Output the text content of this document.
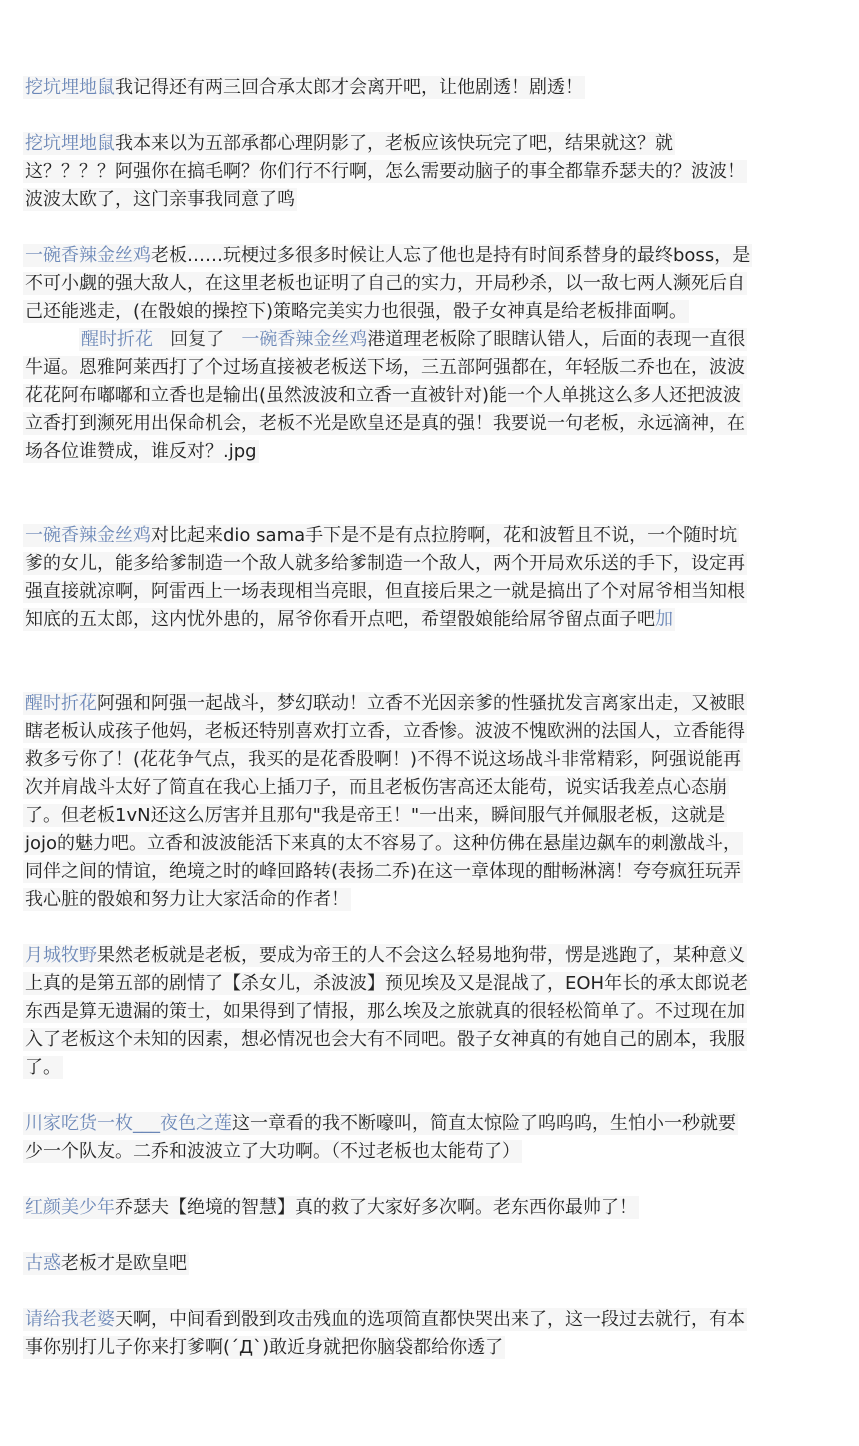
挖坑埋地鼠我记得还有两三回合承太郎才会离开吧，让他剧透！剧透！

挖坑埋地鼠我本来以为五部承都心理阴影了，老板应该快玩完了吧，结果就这？就这？？？？阿强你在搞毛啊？你们行不行啊，怎么需要动脑子的事全都靠乔瑟夫的？波波！波波太欧了，这门亲事我同意了鸣

一碗香辣金丝鸡老板……玩梗过多很多时候让人忘了他也是持有时间系替身的最终boss，是不可小觑的强大敌人，在这里老板也证明了自己的实力，开局秒杀，以一敌七两人濒死后自己还能逃走，(在骰娘的操控下)策略完美实力也很强，骰子女神真是给老板排面啊。

醒时折花 回复了 一碗香辣金丝鸡港道理老板除了眼瞎认错人，后面的表现一直很牛逼。恩雅阿莱西打了个过场直接被老板送下场，三五部阿强都在，年轻版二乔也在，波波花花阿布嘟嘟和立香也是输出(虽然波波和立香一直被针对)能一个人单挑这么多人还把波波立香打到濒死用出保命机会，老板不光是欧皇还是真的强！我要说一句老板，永远滴神，在场各位谁赞成，谁反对？.jpg

一碗香辣金丝鸡对比起来dio sama手下是不是有点拉胯啊，花和波暂且不说，一个随时坑爹的女儿，能多给爹制造一个敌人就多给爹制造一个敌人，两个开局欢乐送的手下，设定再强直接就凉啊，阿雷西上一场表现相当亮眼，但直接后果之一就是搞出了个对屌爷相当知根知底的五太郎，这内忧外患的，屌爷你看开点吧，希望骰娘能给屌爷留点面子吧加

醒时折花阿强和阿强一起战斗，梦幻联动！立香不光因亲爹的性骚扰发言离家出走，又被眼瞎老板认成孩子他妈，老板还特别喜欢打立香，立香惨。波波不愧欧洲的法国人，立香能得救多亏你了！(花花争气点，我买的是花香股啊！)不得不说这场战斗非常精彩，阿强说能再次并肩战斗太好了简直在我心上插刀子，而且老板伤害高还太能苟，说实话我差点心态崩了。但老板1vN还这么厉害并且那句"我是帝王！"一出来，瞬间服气并佩服老板，这就是jojo的魅力吧。立香和波波能活下来真的太不容易了。这种仿佛在悬崖边飙车的刺激战斗，同伴之间的情谊，绝境之时的峰回路转(表扬二乔)在这一章体现的酣畅淋漓！夸夸疯狂玩弄我心脏的骰娘和努力让大家活命的作者！

月城牧野果然老板就是老板，要成为帝王的人不会这么轻易地狗带，愣是逃跑了，某种意义上真的是第五部的剧情了【杀女儿，杀波波】预见埃及又是混战了，EOH年长的承太郎说老东西是算无遗漏的策士，如果得到了情报，那么埃及之旅就真的很轻松简单了。不过现在加入了老板这个未知的因素，想必情况也会大有不同吧。骰子女神真的有她自己的剧本，我服了。

川家吃货一枚___夜色之莲这一章看的我不断嚎叫，简直太惊险了呜呜呜，生怕小一秒就要少一个队友。二乔和波波立了大功啊。（不过老板也太能苟了）

红颜美少年乔瑟夫【绝境的智慧】真的救了大家好多次啊。老东西你最帅了！

古惑老板才是欧皇吧

请给我老婆天啊，中间看到骰到攻击残血的选项简直都快哭出来了，这一段过去就行，有本事你别打儿子你来打爹啊(´Д`)敢近身就把你脑袋都给你透了
